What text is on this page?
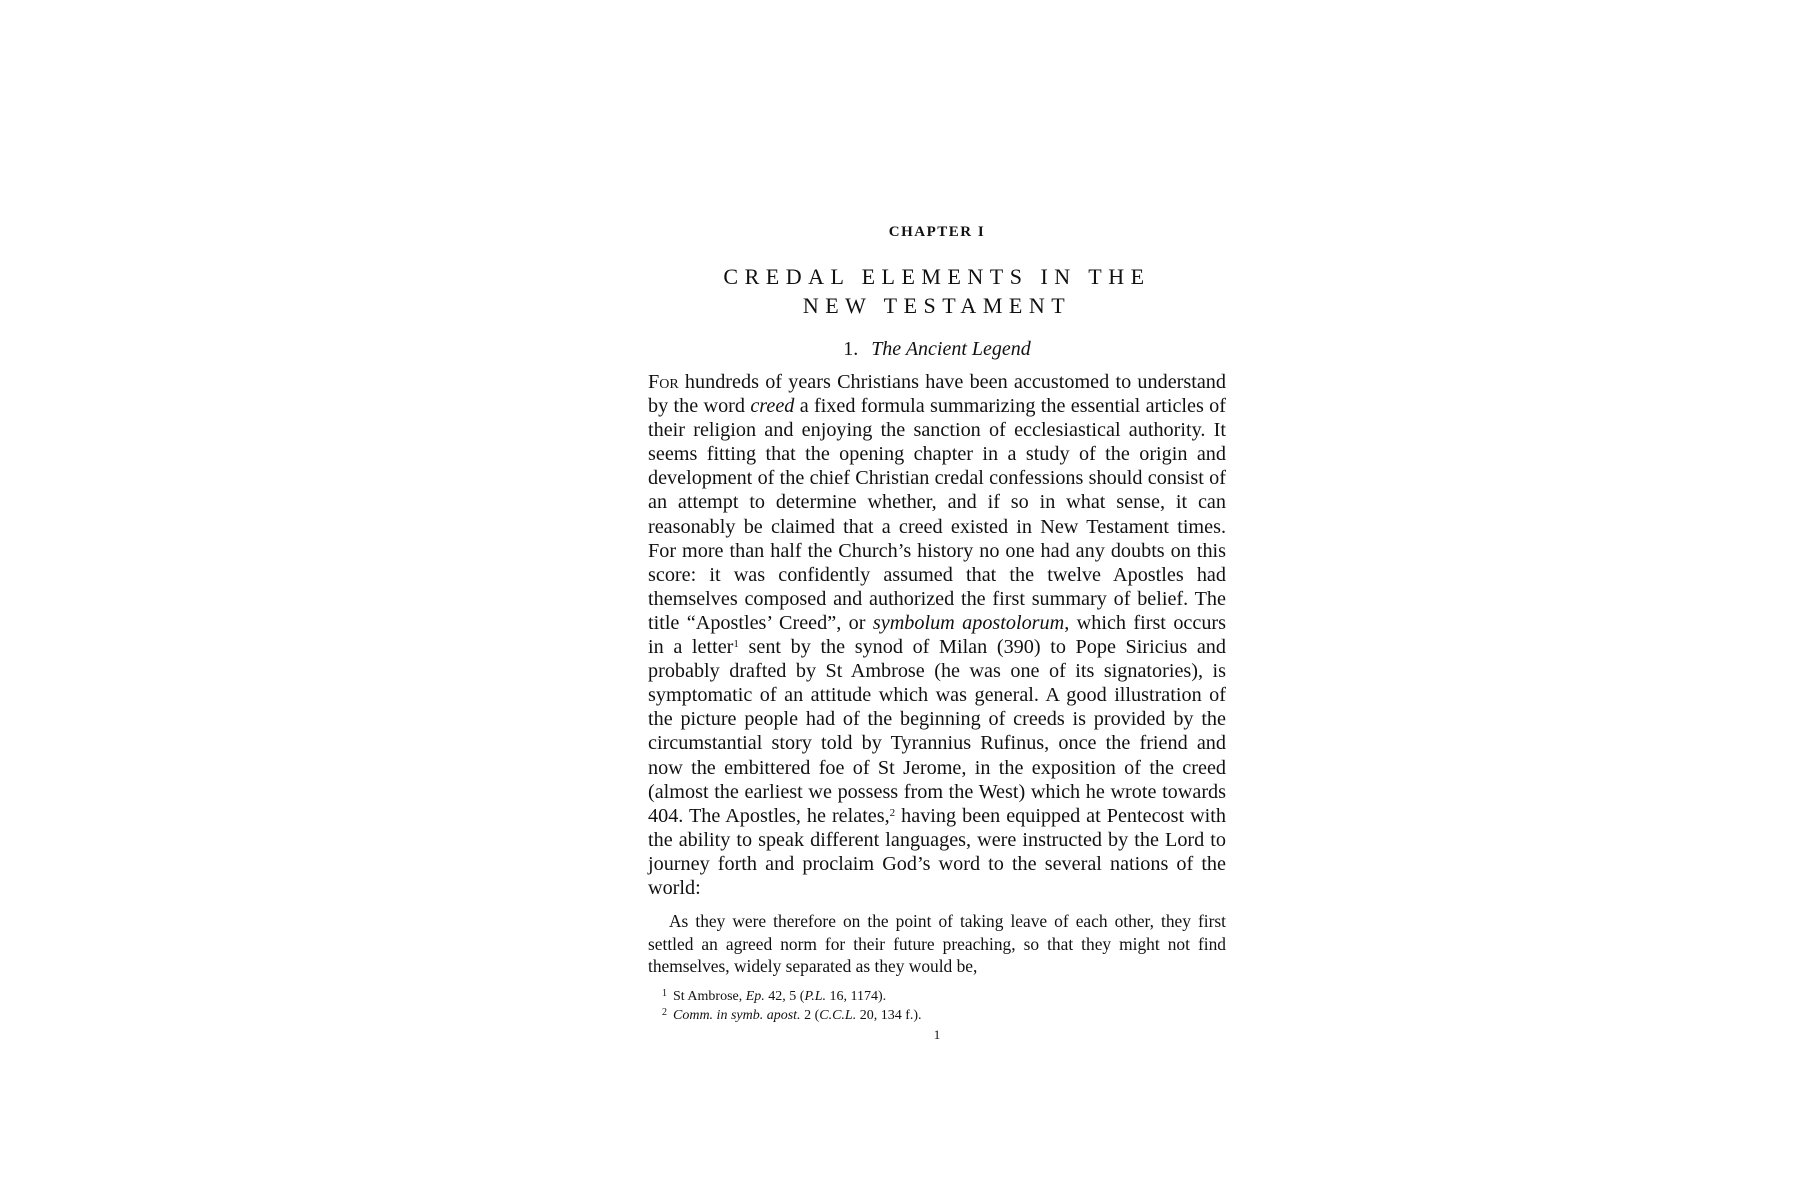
CHAPTER I
CREDAL ELEMENTS IN THE
NEW TESTAMENT
1. The Ancient Legend

For hundreds of years Christians have been accustomed to understand by the word creed a fixed formula summarizing the essential articles of their religion and enjoying the sanction of ecclesiastical authority. It seems fitting that the opening chapter in a study of the origin and development of the chief Christian credal confessions should consist of an attempt to determine whether, and if so in what sense, it can reasonably be claimed that a creed existed in New Testament times. For more than half the Church’s history no one had any doubts on this score: it was confidently assumed that the twelve Apostles had themselves composed and authorized the first summary of belief. The title “Apostles’ Creed”, or symbolum apostolorum, which first occurs in a letter$^1$ sent by the synod of Milan (390) to Pope Siricius and probably drafted by St Ambrose (he was one of its signatories), is symptomatic of an attitude which was general. A good illustration of the picture people had of the beginning of creeds is provided by the circumstantial story told by Tyrannius Rufinus, once the friend and now the embittered foe of St Jerome, in the exposition of the creed (almost the earliest we possess from the West) which he wrote towards 404. The Apostles, he relates,$^2$ having been equipped at Pentecost with the ability to speak different languages, were instructed by the Lord to journey forth and proclaim God’s word to the several nations of the world:

As they were therefore on the point of taking leave of each other, they first settled an agreed norm for their future preaching, so that they might not find themselves, widely separated as they would be,

$^1$ St Ambrose, Ep. 42, 5 (P.L. 16, 1174).
$^2$ Comm. in symb. apost. 2 (C.C.L. 20, 134 f.).
1
